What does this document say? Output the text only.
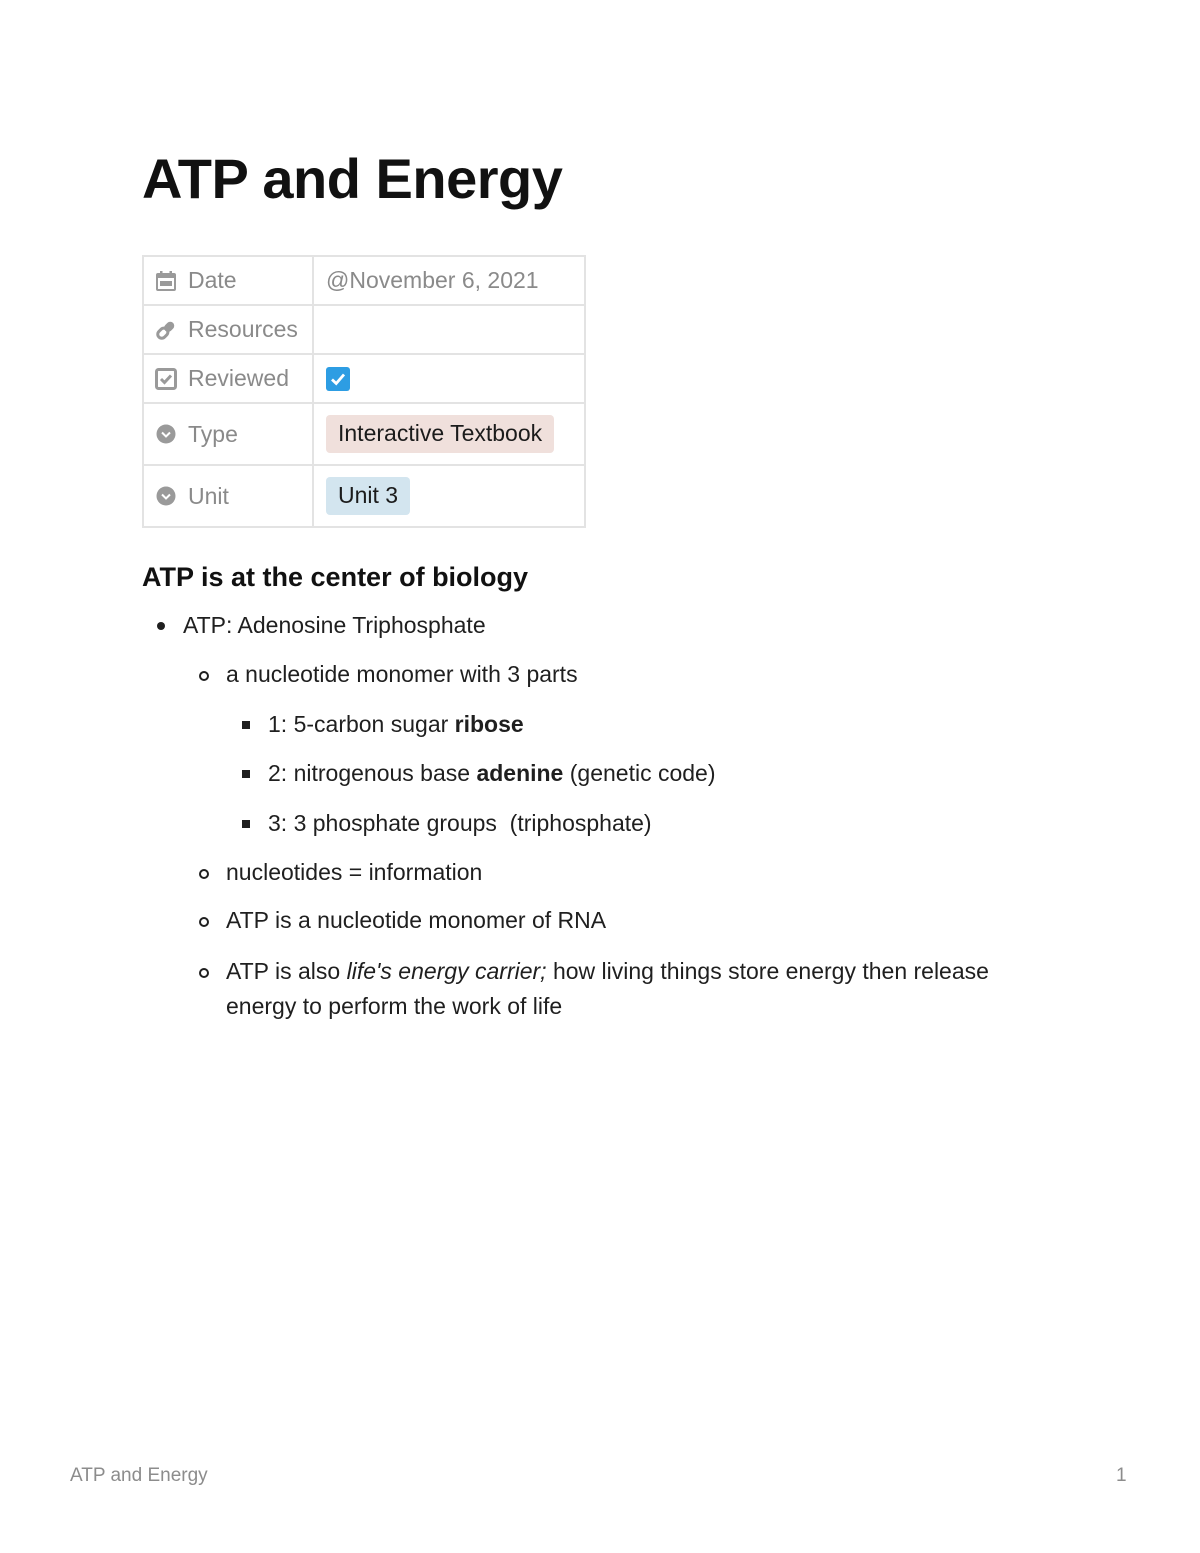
ATP and Energy
Date	@November 6, 2021

Resources	

Reviewed

Type	Interactive Textbook

Unit	Unit 3
ATP is at the center of biology

ATP: Adenosine Triphosphate

a nucleotide monomer with 3 parts

1: 5-carbon sugar ribose

2: nitrogenous base adenine (genetic code)

3: 3 phosphate groups  (triphosphate)

nucleotides = information

ATP is a nucleotide monomer of RNA

ATP is also life's energy carrier; how living things store energy then release

energy to perform the work of life

ATP and Energy	1
